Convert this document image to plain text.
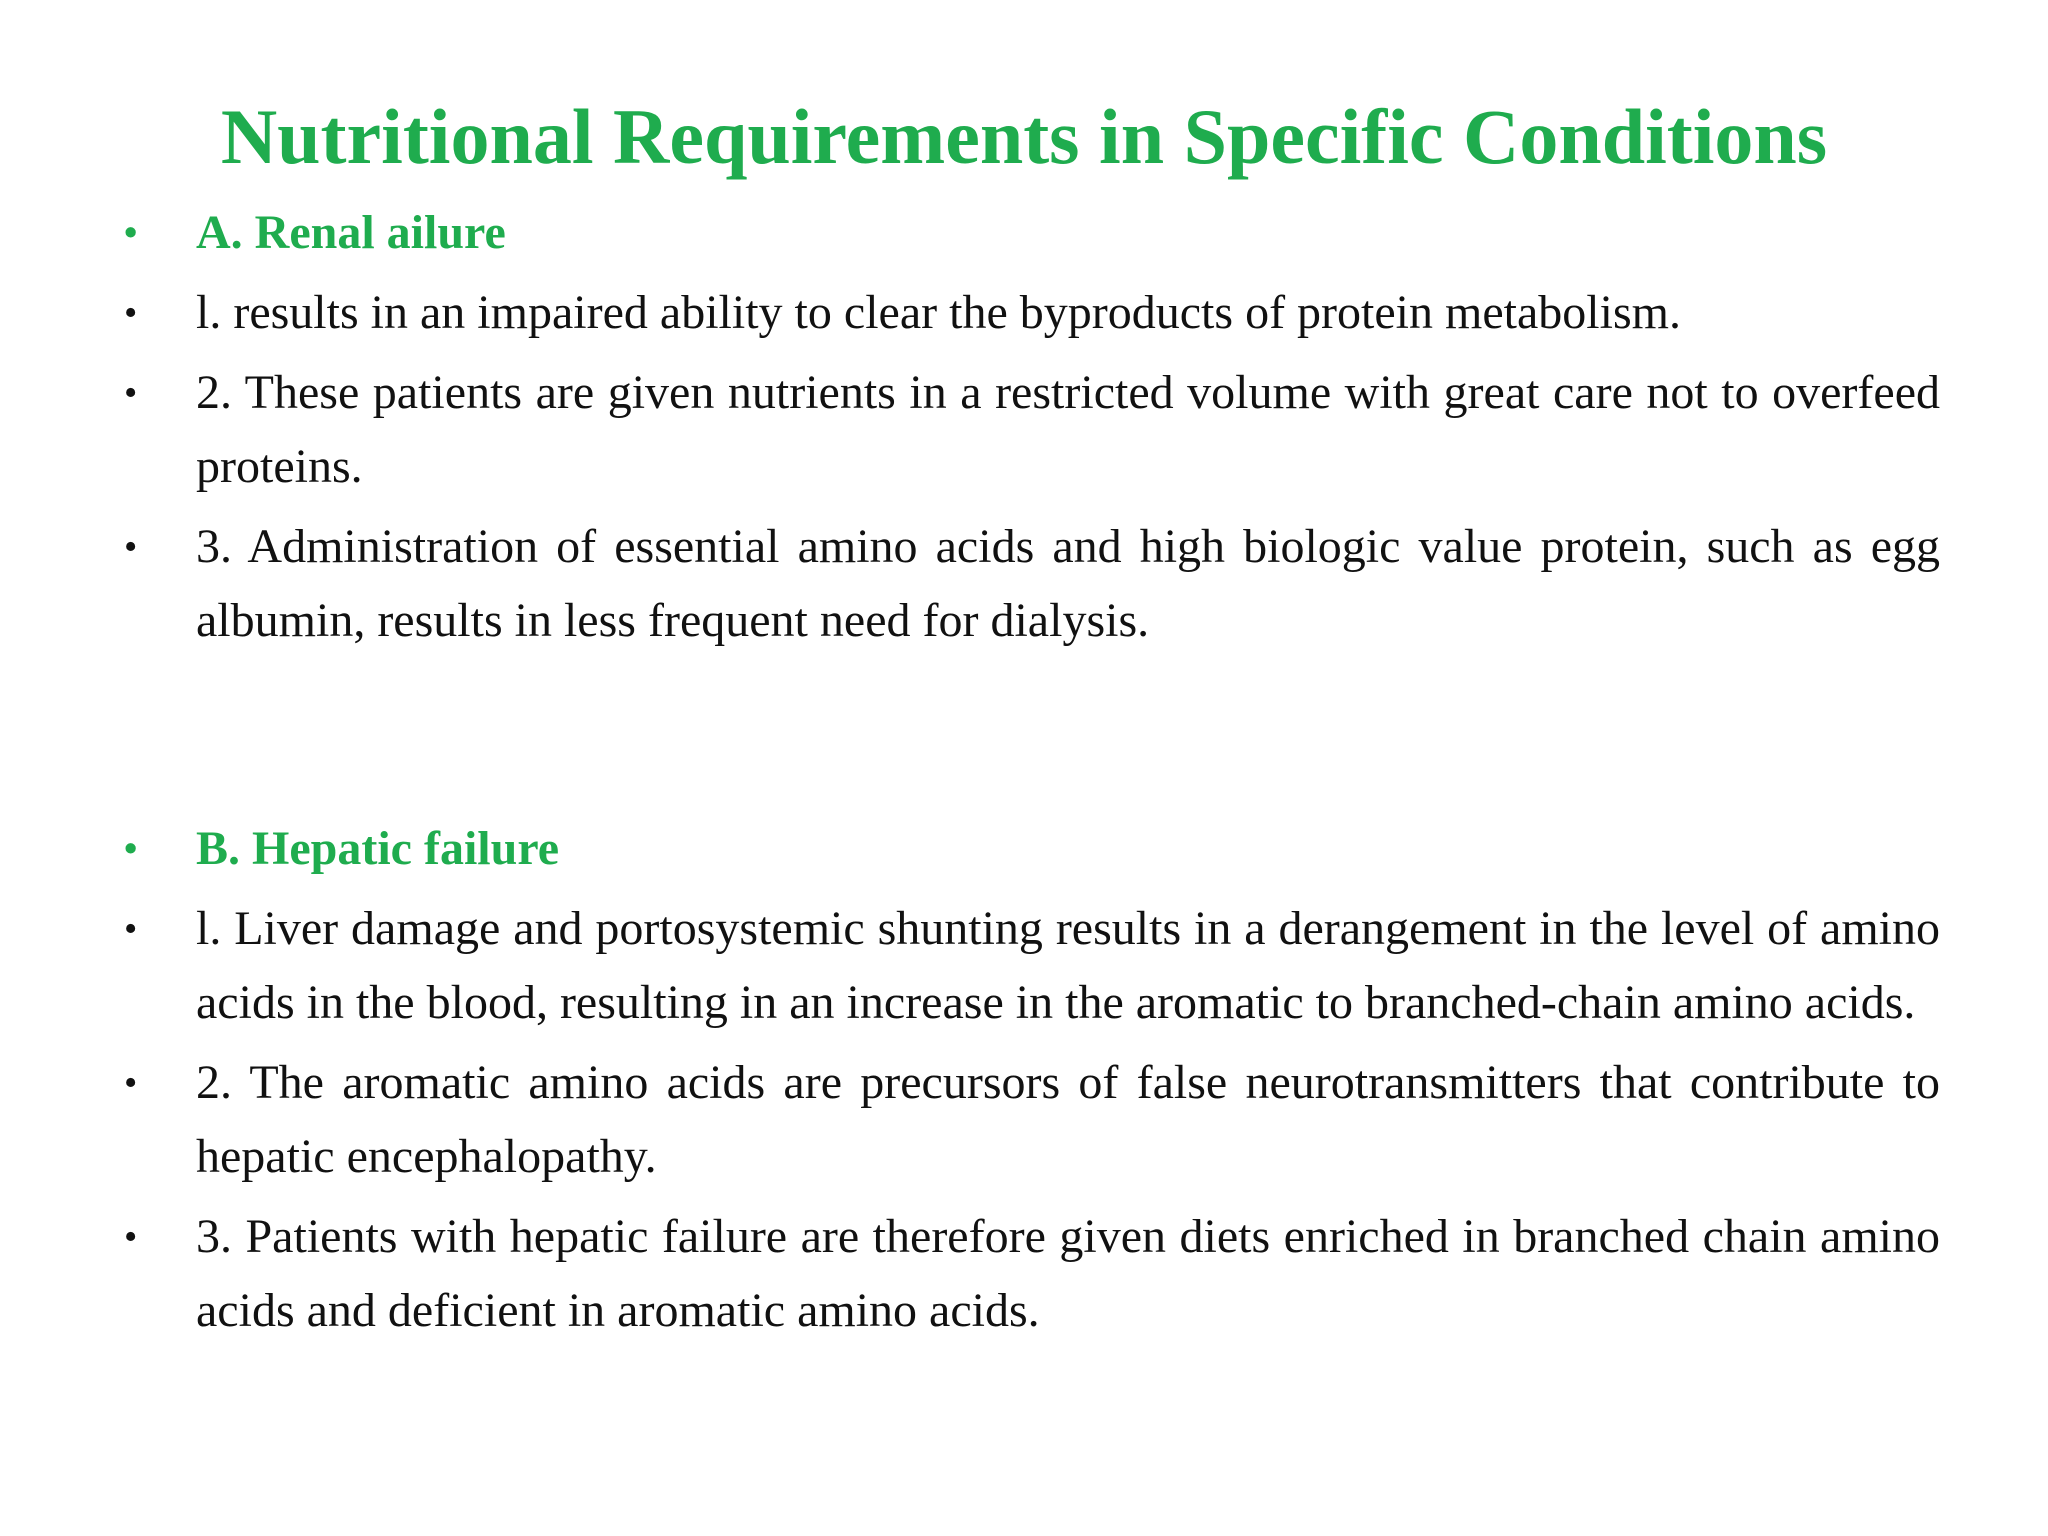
Nutritional Requirements in Specific Conditions
•	A. Renal ailure
•	l. results in an impaired ability to clear the byproducts of protein metabolism.
•	2. These patients are given nutrients in a restricted volume with great care not to overfeed proteins.
•	3. Administration of essential amino acids and high biologic value protein, such as egg albumin, results in less frequent need for dialysis.
•	B. Hepatic failure
•	l. Liver damage and portosystemic shunting results in a derangement in the level of amino acids in the blood, resulting in an increase in the aromatic to branched-chain amino acids.
•	2. The aromatic amino acids are precursors of false neurotransmitters that contribute to hepatic encephalopathy.
•	3. Patients with hepatic failure are therefore given diets enriched in branched chain amino acids and deficient in aromatic amino acids.
